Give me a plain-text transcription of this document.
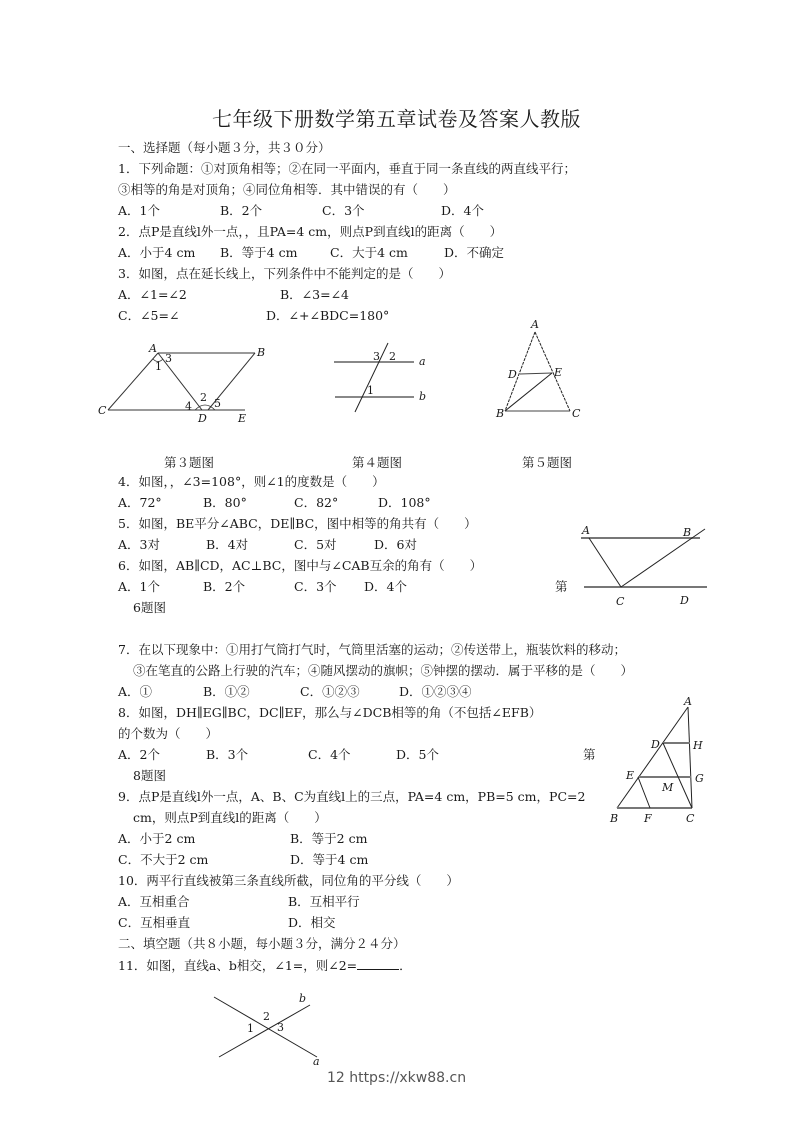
七年级下册数学第五章试卷及答案人教版
一、选择题（每小题３分，共３０分）
1．下列命题：①对顶角相等；②在同一平面内，垂直于同一条直线的两直线平行；
③相等的角是对顶角；④同位角相等．其中错误的有（　　）
A．1个	B．2个	C．3个	D．4个
2．点P是直线l外一点，，且PA=4 cm，则点P到直线l的距离（　　）
A．小于4 cm B．等于4 cm	C．大于4 cm	D．不确定
3．如图，点在延长线上，下列条件中不能判定的是（　　）
A．∠1=∠2	B．∠3=∠4
C．∠5=∠	D．∠+∠BDC=180°
A	B
C
D	E
1
2
3
4 5
第３题图
a
b
3 2
1
第４题图
A
B	C
D	E
第５题图
4．如图，，∠3=108°，则∠1的度数是（　　）
A．72°	B．80°	C．82°	D．108°
5．如图，BE平分∠ABC，DE∥BC，图中相等的角共有（　　）
A．3对	B．4对	C．5对	D．6对
6．如图，AB∥CD，AC⊥BC，图中与∠CAB互余的角有（　　）
A．1个	B．2个	C．3个 D．4个	第
6题图
A	B
C	D
7．在以下现象中：①用打气筒打气时，气筒里活塞的运动；②传送带上，瓶装饮料的移动；
③在笔直的公路上行驶的汽车；④随风摆动的旗帜；⑤钟摆的摆动．属于平移的是（　　）
A．①	B．①②	C．①②③	D．①②③④
8．如图，DH∥EG∥BC，DC∥EF，那么与∠DCB相等的角（不包括∠EFB）
的个数为（　　）
A．2个	B．3个	C．4个	D．5个	第
8题图
A
D	H
E	G
M
B F	C
9．点P是直线l外一点，A、B、C为直线l上的三点，PA=4 cm，PB=5 cm，PC=2
cm，则点P到直线l的距离（　　）
A．小于2 cm	B．等于2 cm
C．不大于2 cm	D．等于4 cm
10．两平行直线被第三条直线所截，同位角的平分线（　　）
A．互相重合	B．互相平行
C．互相垂直	D．相交
二、填空题（共８小题，每小题３分，满分２４分）
11．如图，直线a、b相交，∠1=，则∠2=	．
b
a
2
1 3
12 https://xkw88.cn
